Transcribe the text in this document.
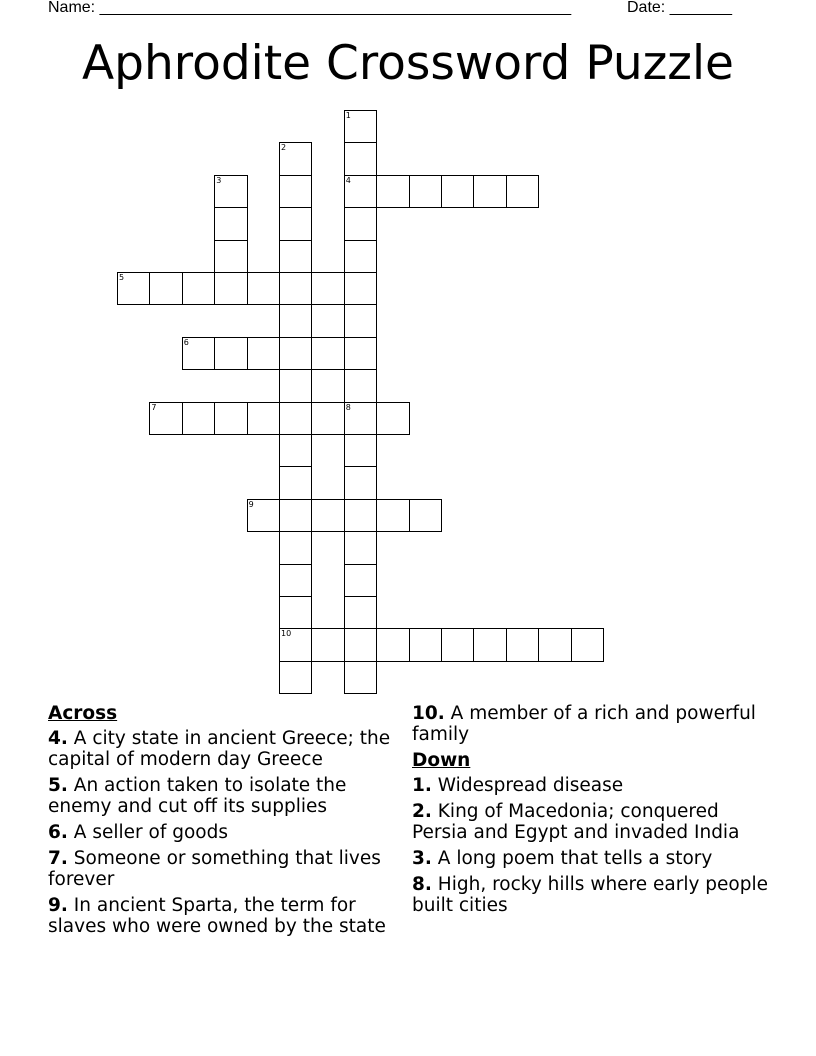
Name: _____________________________________________________	Date: _______
Aphrodite Crossword Puzzle
1
4
2
10
3
5
6
7	8
9
Across
4. A city state in ancient Greece; the capital of modern day Greece
5. An action taken to isolate the enemy and cut off its supplies
6. A seller of goods
7. Someone or something that lives forever
9. In ancient Sparta, the term for slaves who were owned by the state
10. A member of a rich and powerful family
Down
1. Widespread disease
2. King of Macedonia; conquered Persia and Egypt and invaded India
3. A long poem that tells a story
8. High, rocky hills where early people built cities
